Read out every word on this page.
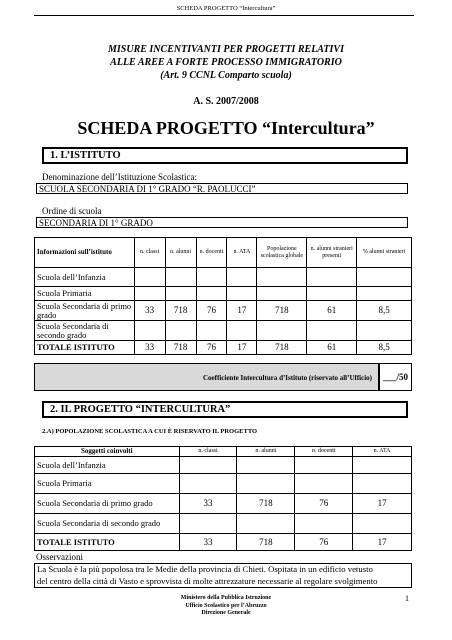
SCHEDA PROGETTO “Intercultura”
MISURE INCENTIVANTI PER PROGETTI RELATIVI
ALLE AREE A FORTE PROCESSO IMMIGRATORIO
(Art. 9 CCNL Comparto scuola)
A. S. 2007/2008
SCHEDA PROGETTO “Intercultura”
1. L’ISTITUTO
Denominazione dell’Istituzione Scolastica:
SCUOLA SECONDARIA DI 1° GRADO “R. PAOLUCCI”
Ordine di scuola
SECONDARIA DI 1° GRADO
Informazioni sull’istituto	n. classi	n. alunni	n. docenti	n. ATA	Popolazione scolastica globale	n. alunni stranieri presenti	% alunni stranieri
Scuola dell’Infanzia							
Scuola Primaria							
Scuola Secondaria di primo grado	33	718	76	17	718	61	8,5
Scuola Secondaria di secondo grado							
TOTALE ISTITUTO	33	718	76	17	718	61	8,5
Coefficiente Intercultura d’Istituto (riservato all’Ufficio)	___/50
2. IL PROGETTO “INTERCULTURA”
2.A) POPOLAZIONE SCOLASTICA A CUI È RISERVATO IL PROGETTO
Soggetti coinvolti	n. classi	n. alunni	n. docenti	n. ATA
Scuola dell’Infanzia				
Scuola Primaria				
Scuola Secondaria di primo grado	33	718	76	17
Scuola Secondaria di secondo grado				
TOTALE ISTITUTO	33	718	76	17
Osservazioni
La Scuola è la più popolosa tra le Medie della provincia di Chieti. Ospitata in un edificio vetusto
del centro della città di Vasto e sprovvista di molte attrezzature necessarie al regolare svolgimento
Ministero della Pubblica Istruzione
Ufficio Scolastico per l’Abruzzo
Direzione Generale
1
